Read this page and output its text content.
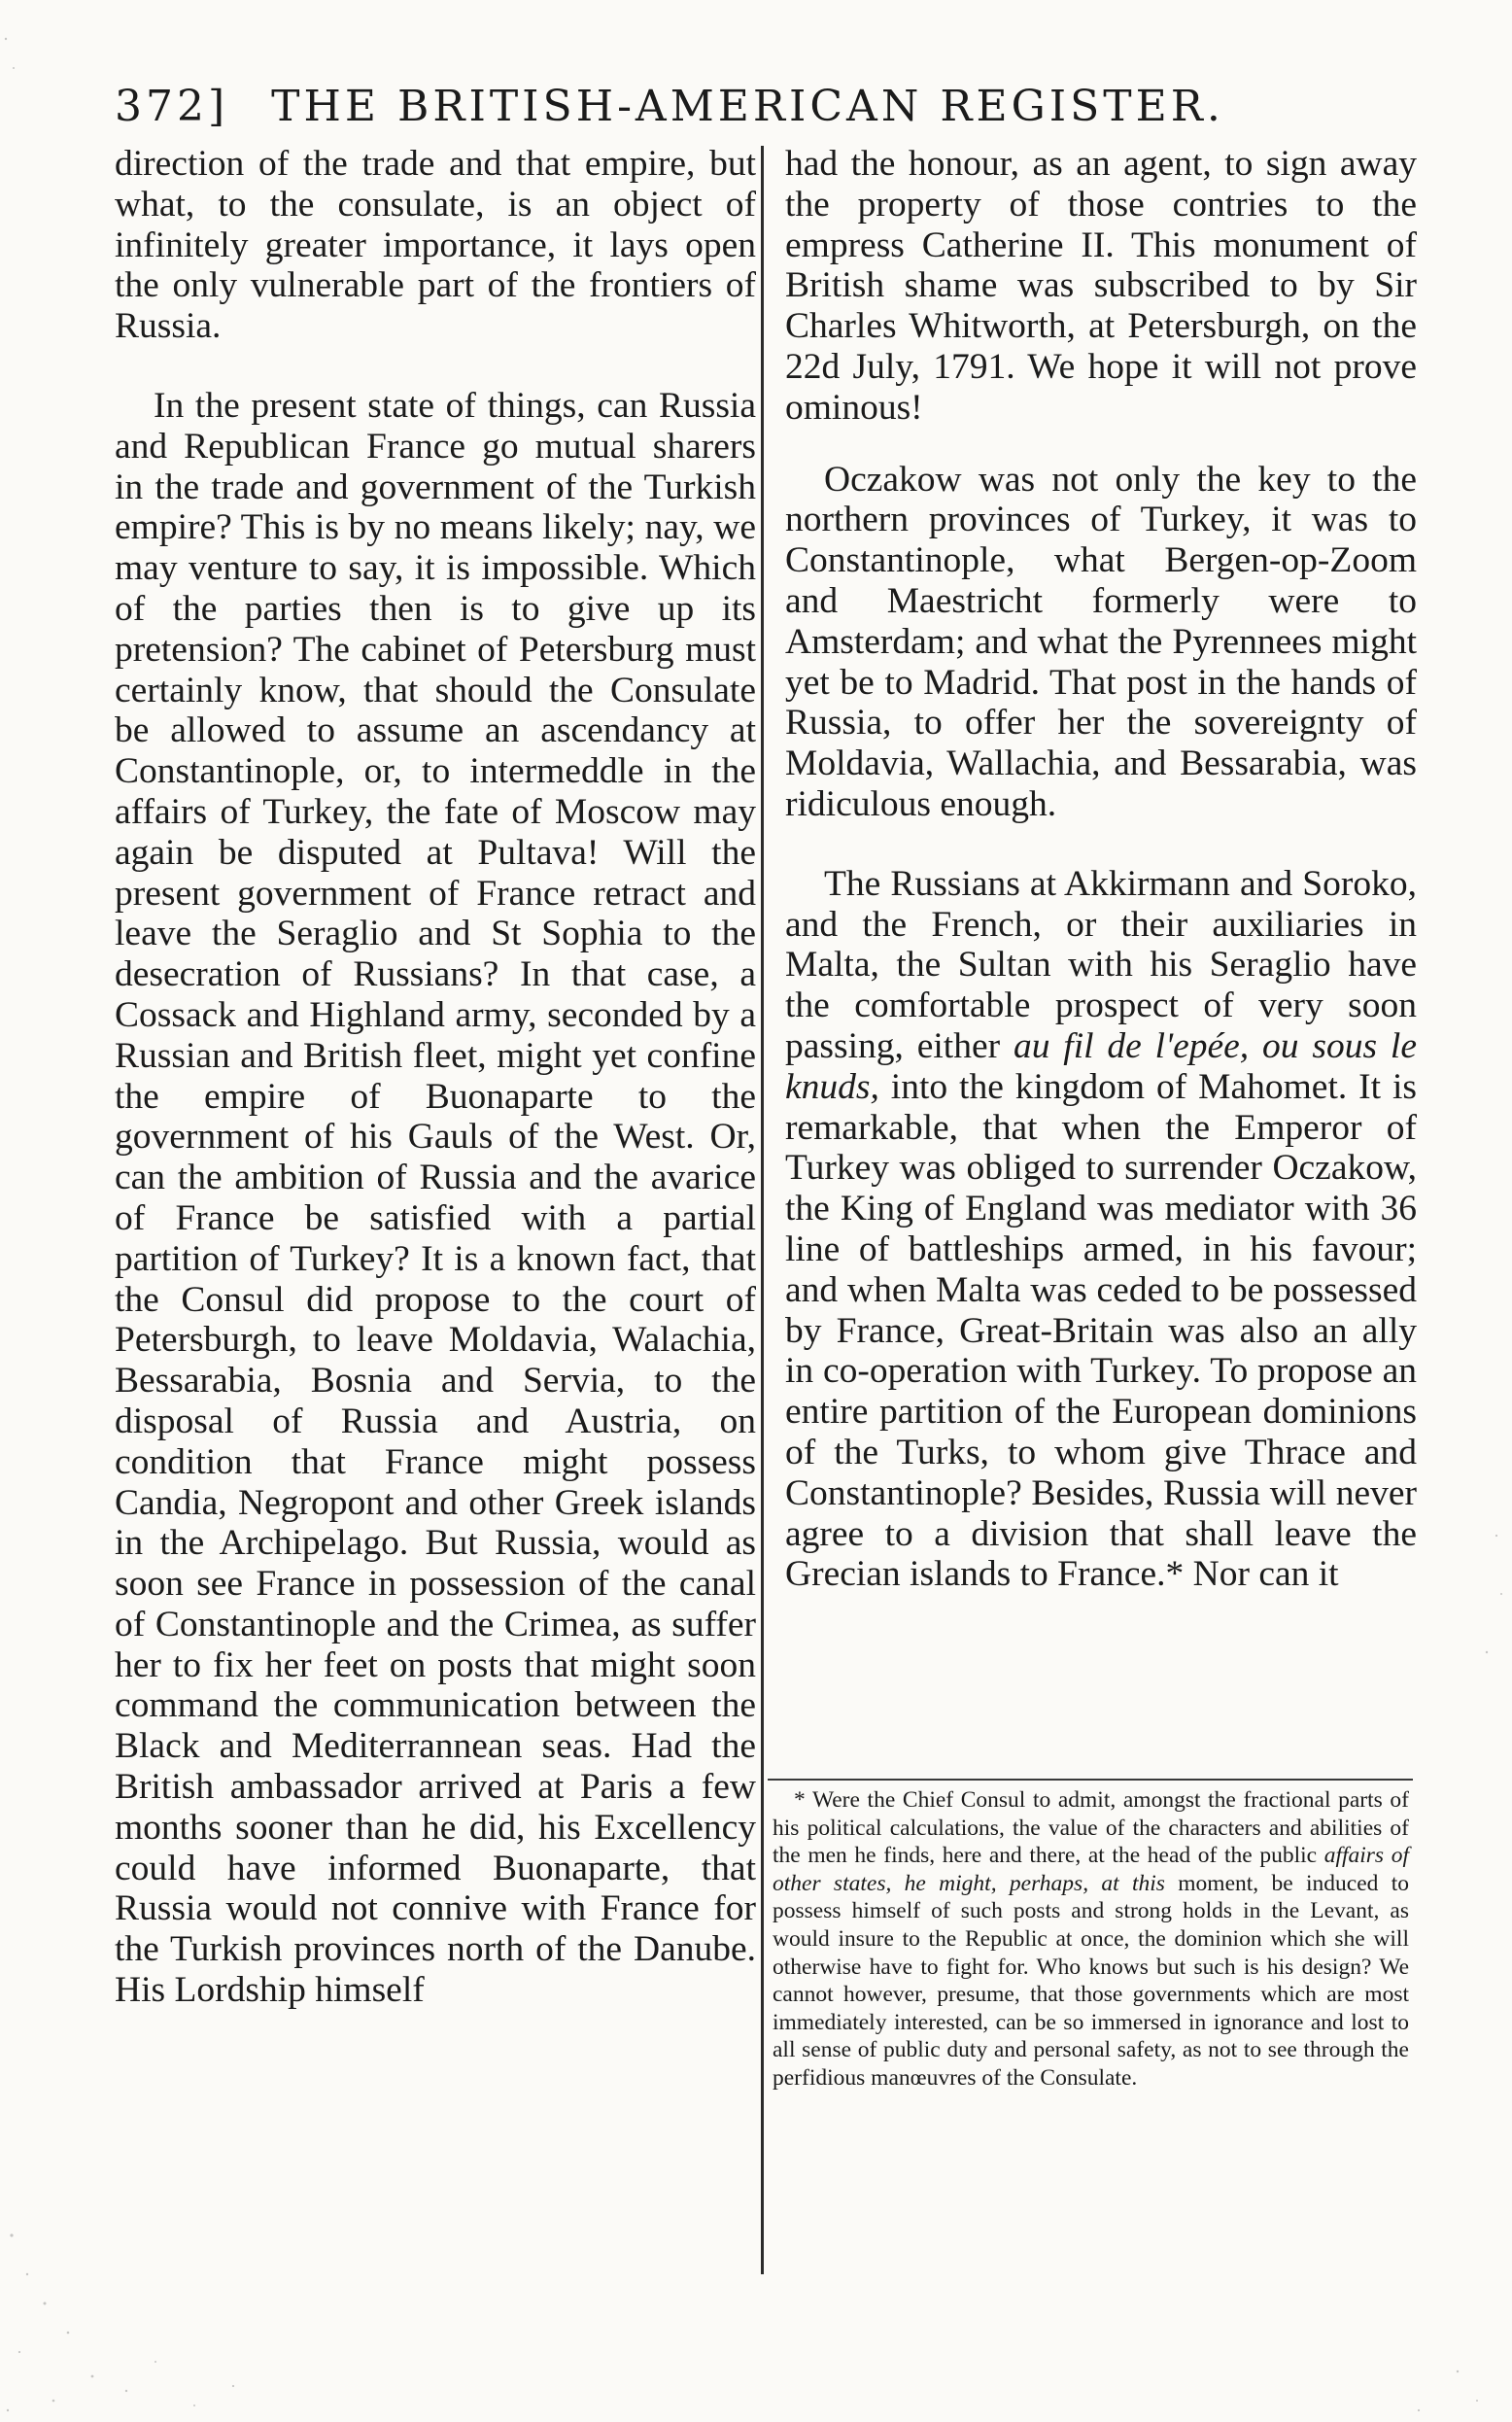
372] THE BRITISH-AMERICAN REGISTER.

direction of the trade and that empire, but what, to the consulate, is an object of infinitely greater importance, it lays open the only vulnerable part of the frontiers of Russia.

In the present state of things, can Russia and Republican France go mutual sharers in the trade and government of the Turkish empire? This is by no means likely; nay, we may venture to say, it is impossible. Which of the parties then is to give up its pretension? The cabinet of Petersburg must certainly know, that should the Consulate be allowed to assume an ascendancy at Constantinople, or, to intermeddle in the affairs of Turkey, the fate of Moscow may again be disputed at Pultava! Will the present government of France retract and leave the Seraglio and St Sophia to the desecration of Russians? In that case, a Cossack and Highland army, seconded by a Russian and British fleet, might yet confine the empire of Buonaparte to the government of his Gauls of the West. Or, can the ambition of Russia and the avarice of France be satisfied with a partial partition of Turkey? It is a known fact, that the Consul did propose to the court of Petersburgh, to leave Moldavia, Walachia, Bessarabia, Bosnia and Servia, to the disposal of Russia and Austria, on condition that France might possess Candia, Negropont and other Greek islands in the Archipelago. But Russia, would as soon see France in possession of the canal of Constantinople and the Crimea, as suffer her to fix her feet on posts that might soon command the communication between the Black and Mediterrannean seas. Had the British ambassador arrived at Paris a few months sooner than he did, his Excellency could have informed Buonaparte, that Russia would not connive with France for the Turkish provinces north of the Danube. His Lordship himself

had the honour, as an agent, to sign away the property of those contries to the empress Catherine II. This monument of British shame was subscribed to by Sir Charles Whitworth, at Petersburgh, on the 22d July, 1791. We hope it will not prove ominous!

Oczakow was not only the key to the northern provinces of Turkey, it was to Constantinople, what Bergen-op-Zoom and Maestricht formerly were to Amsterdam; and what the Pyrennees might yet be to Madrid. That post in the hands of Russia, to offer her the sovereignty of Moldavia, Wallachia, and Bessarabia, was ridiculous enough.

The Russians at Akkirmann and Soroko, and the French, or their auxiliaries in Malta, the Sultan with his Seraglio have the comfortable prospect of very soon passing, either au fil de l'epée, ou sous le knuds, into the kingdom of Mahomet. It is remarkable, that when the Emperor of Turkey was obliged to surrender Oczakow, the King of England was mediator with 36 line of battleships armed, in his favour; and when Malta was ceded to be possessed by France, Great-Britain was also an ally in co-operation with Turkey. To propose an entire partition of the European dominions of the Turks, to whom give Thrace and Constantinople? Besides, Russia will never agree to a division that shall leave the Grecian islands to France.* Nor can it

* Were the Chief Consul to admit, amongst the fractional parts of his political calculations, the value of the characters and abilities of the men he finds, here and there, at the head of the public affairs of other states, he might, perhaps, at this moment, be induced to possess himself of such posts and strong holds in the Levant, as would insure to the Republic at once, the dominion which she will otherwise have to fight for. Who knows but such is his design? We cannot however, presume, that those governments which are most immediately interested, can be so immersed in ignorance and lost to all sense of public duty and personal safety, as not to see through the perfidious manœuvres of the Consulate.
